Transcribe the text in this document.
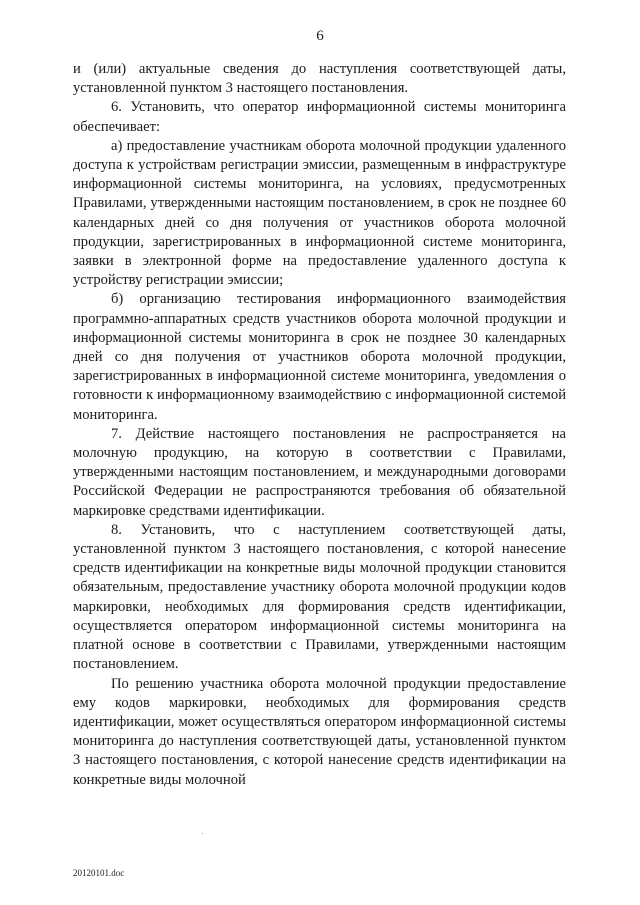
6

и (или) актуальные сведения до наступления соответствующей даты, установленной пунктом 3 настоящего постановления.

6. Установить, что оператор информационной системы мониторинга обеспечивает:

а) предоставление участникам оборота молочной продукции удаленного доступа к устройствам регистрации эмиссии, размещенным в инфраструктуре информационной системы мониторинга, на условиях, предусмотренных Правилами, утвержденными настоящим постановлением, в срок не позднее 60 календарных дней со дня получения от участников оборота молочной продукции, зарегистрированных в информационной системе мониторинга, заявки в электронной форме на предоставление удаленного доступа к устройству регистрации эмиссии;

б) организацию тестирования информационного взаимодействия программно-аппаратных средств участников оборота молочной продукции и информационной системы мониторинга в срок не позднее 30 календарных дней со дня получения от участников оборота молочной продукции, зарегистрированных в информационной системе мониторинга, уведомления о готовности к информационному взаимодействию с информационной системой мониторинга.

7. Действие настоящего постановления не распространяется на молочную продукцию, на которую в соответствии с Правилами, утвержденными настоящим постановлением, и международными договорами Российской Федерации не распространяются требования об обязательной маркировке средствами идентификации.

8. Установить, что с наступлением соответствующей даты, установленной пунктом 3 настоящего постановления, с которой нанесение средств идентификации на конкретные виды молочной продукции становится обязательным, предоставление участнику оборота молочной продукции кодов маркировки, необходимых для формирования средств идентификации, осуществляется оператором информационной системы мониторинга на платной основе в соответствии с Правилами, утвержденными настоящим постановлением.

По решению участника оборота молочной продукции предоставление ему кодов маркировки, необходимых для формирования средств идентификации, может осуществляться оператором информационной системы мониторинга до наступления соответствующей даты, установленной пунктом 3 настоящего постановления, с которой нанесение средств идентификации на конкретные виды молочной

20120101.doc
